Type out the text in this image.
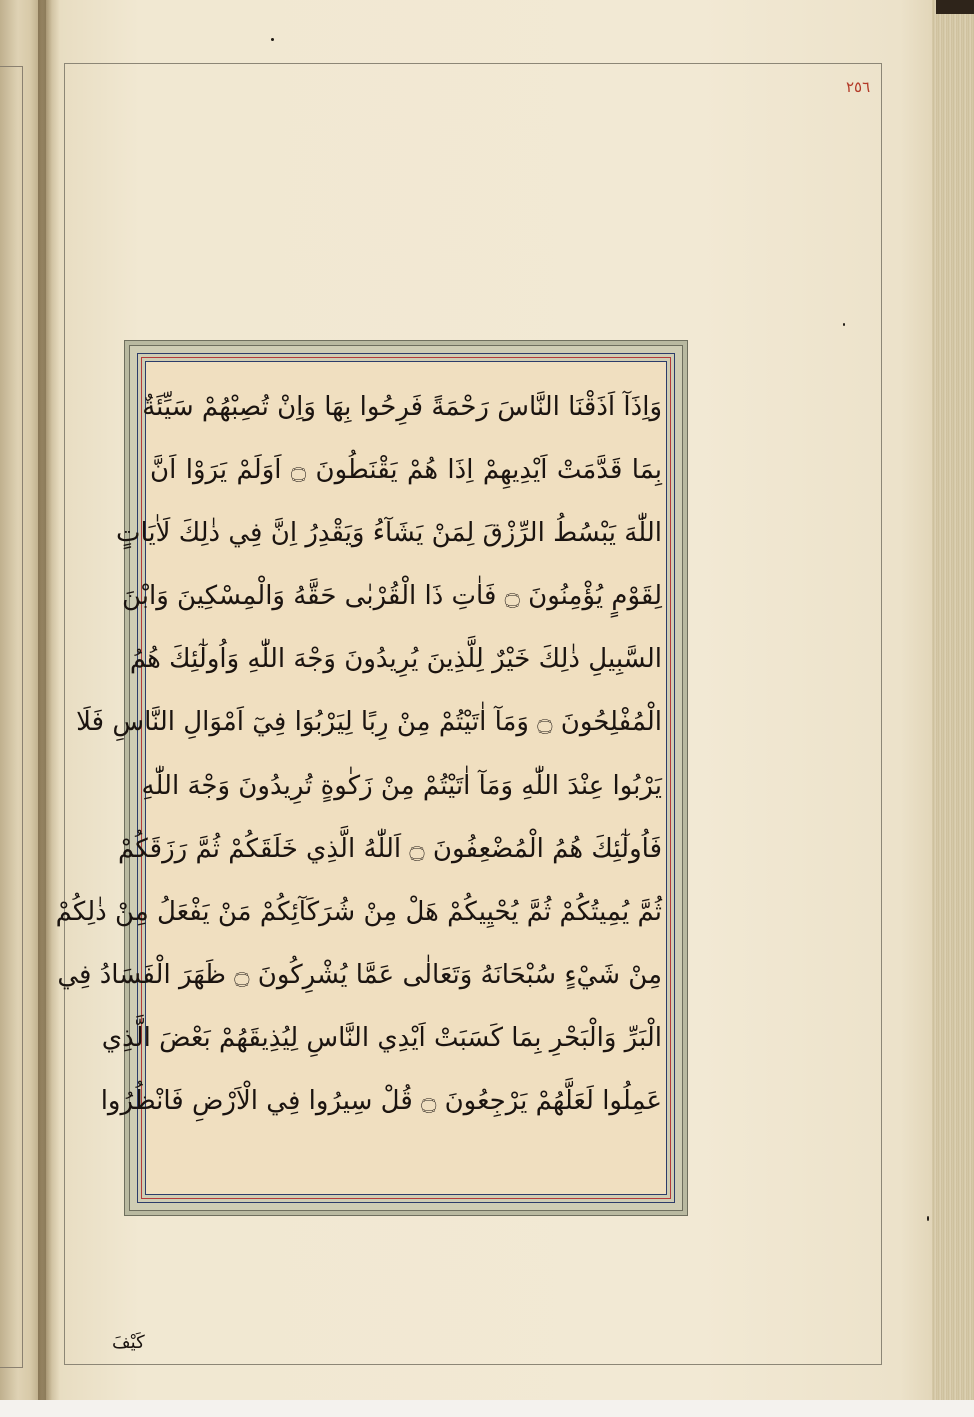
٢٥٦
وَاِذَآ اَذَقْنَا النَّاسَ رَحْمَةً فَرِحُوا بِهَا وَاِنْ تُصِبْهُمْ سَيِّئَةٌ
بِمَا قَدَّمَتْ اَيْدِيهِمْ اِذَا هُمْ يَقْنَطُونَ ۝ اَوَلَمْ يَرَوْا اَنَّ
اللّٰهَ يَبْسُطُ الرِّزْقَ لِمَنْ يَشَآءُ وَيَقْدِرُ اِنَّ فِي ذٰلِكَ لَاٰيَاتٍ
لِقَوْمٍ يُؤْمِنُونَ ۝ فَاٰتِ ذَا الْقُرْبٰى حَقَّهُ وَالْمِسْكِينَ وَابْنَ
السَّبِيلِ ذٰلِكَ خَيْرٌ لِلَّذِينَ يُرِيدُونَ وَجْهَ اللّٰهِ وَاُولٰٓئِكَ هُمُ
الْمُفْلِحُونَ ۝ وَمَآ اٰتَيْتُمْ مِنْ رِبًا لِيَرْبُوَا فِيٓ اَمْوَالِ النَّاسِ فَلَا
يَرْبُوا عِنْدَ اللّٰهِ وَمَآ اٰتَيْتُمْ مِنْ زَكٰوةٍ تُرِيدُونَ وَجْهَ اللّٰهِ
فَاُولٰٓئِكَ هُمُ الْمُضْعِفُونَ ۝ اَللّٰهُ الَّذِي خَلَقَكُمْ ثُمَّ رَزَقَكُمْ
ثُمَّ يُمِيتُكُمْ ثُمَّ يُحْيِيكُمْ هَلْ مِنْ شُرَكَآئِكُمْ مَنْ يَفْعَلُ مِنْ ذٰلِكُمْ
مِنْ شَيْءٍ سُبْحَانَهُ وَتَعَالٰى عَمَّا يُشْرِكُونَ ۝ ظَهَرَ الْفَسَادُ فِي
الْبَرِّ وَالْبَحْرِ بِمَا كَسَبَتْ اَيْدِي النَّاسِ لِيُذِيقَهُمْ بَعْضَ الَّذِي
عَمِلُوا لَعَلَّهُمْ يَرْجِعُونَ ۝ قُلْ سِيرُوا فِي الْاَرْضِ فَانْظُرُوا
كَيْفَ
